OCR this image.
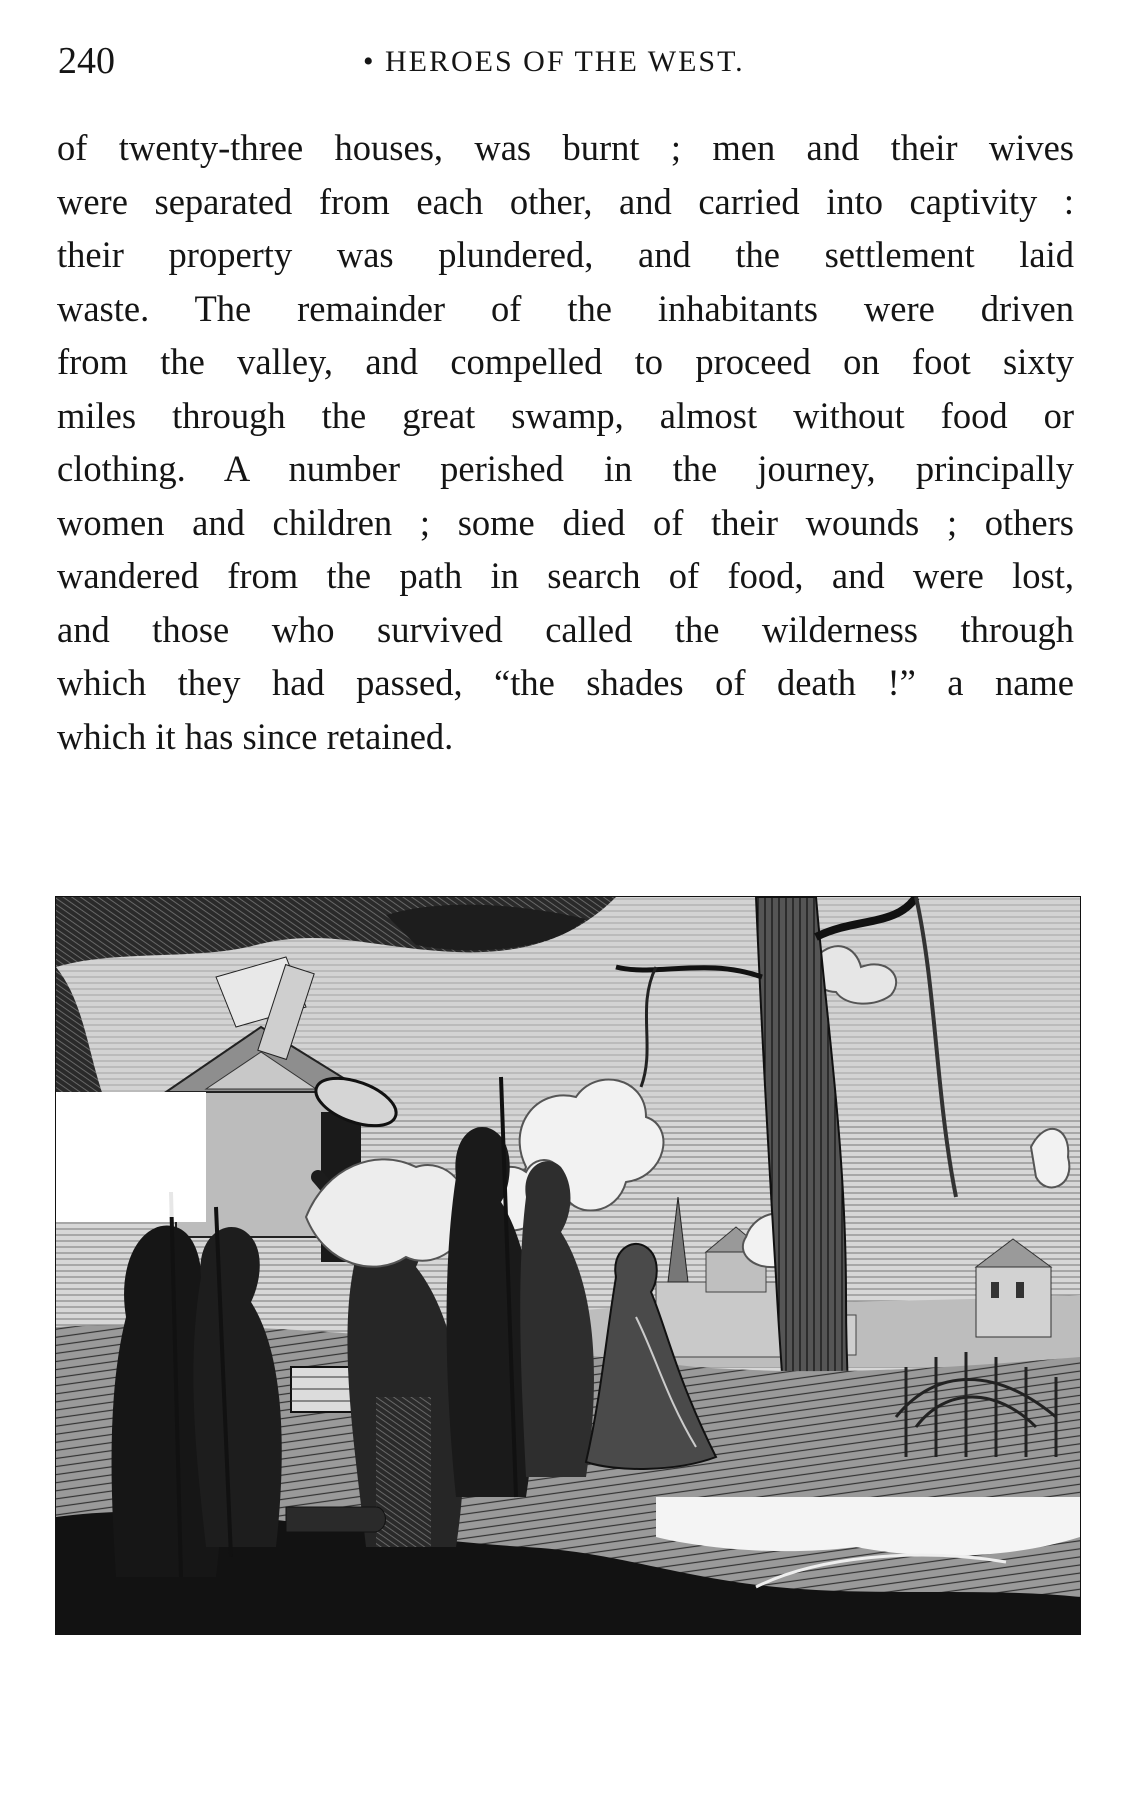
240	• HEROES OF THE WEST.

of twenty-three houses, was burnt ; men and their wives
were separated from each other, and carried into captivity :
their property was plundered, and the settlement laid
waste. The remainder of the inhabitants were driven
from the valley, and compelled to proceed on foot sixty
miles through the great swamp, almost without food or
clothing. A number perished in the journey, principally
women and children ; some died of their wounds ; others
wandered from the path in search of food, and were lost,
and those who survived called the wilderness through
which they had passed, “the shades of death !” a name
which it has since retained.
